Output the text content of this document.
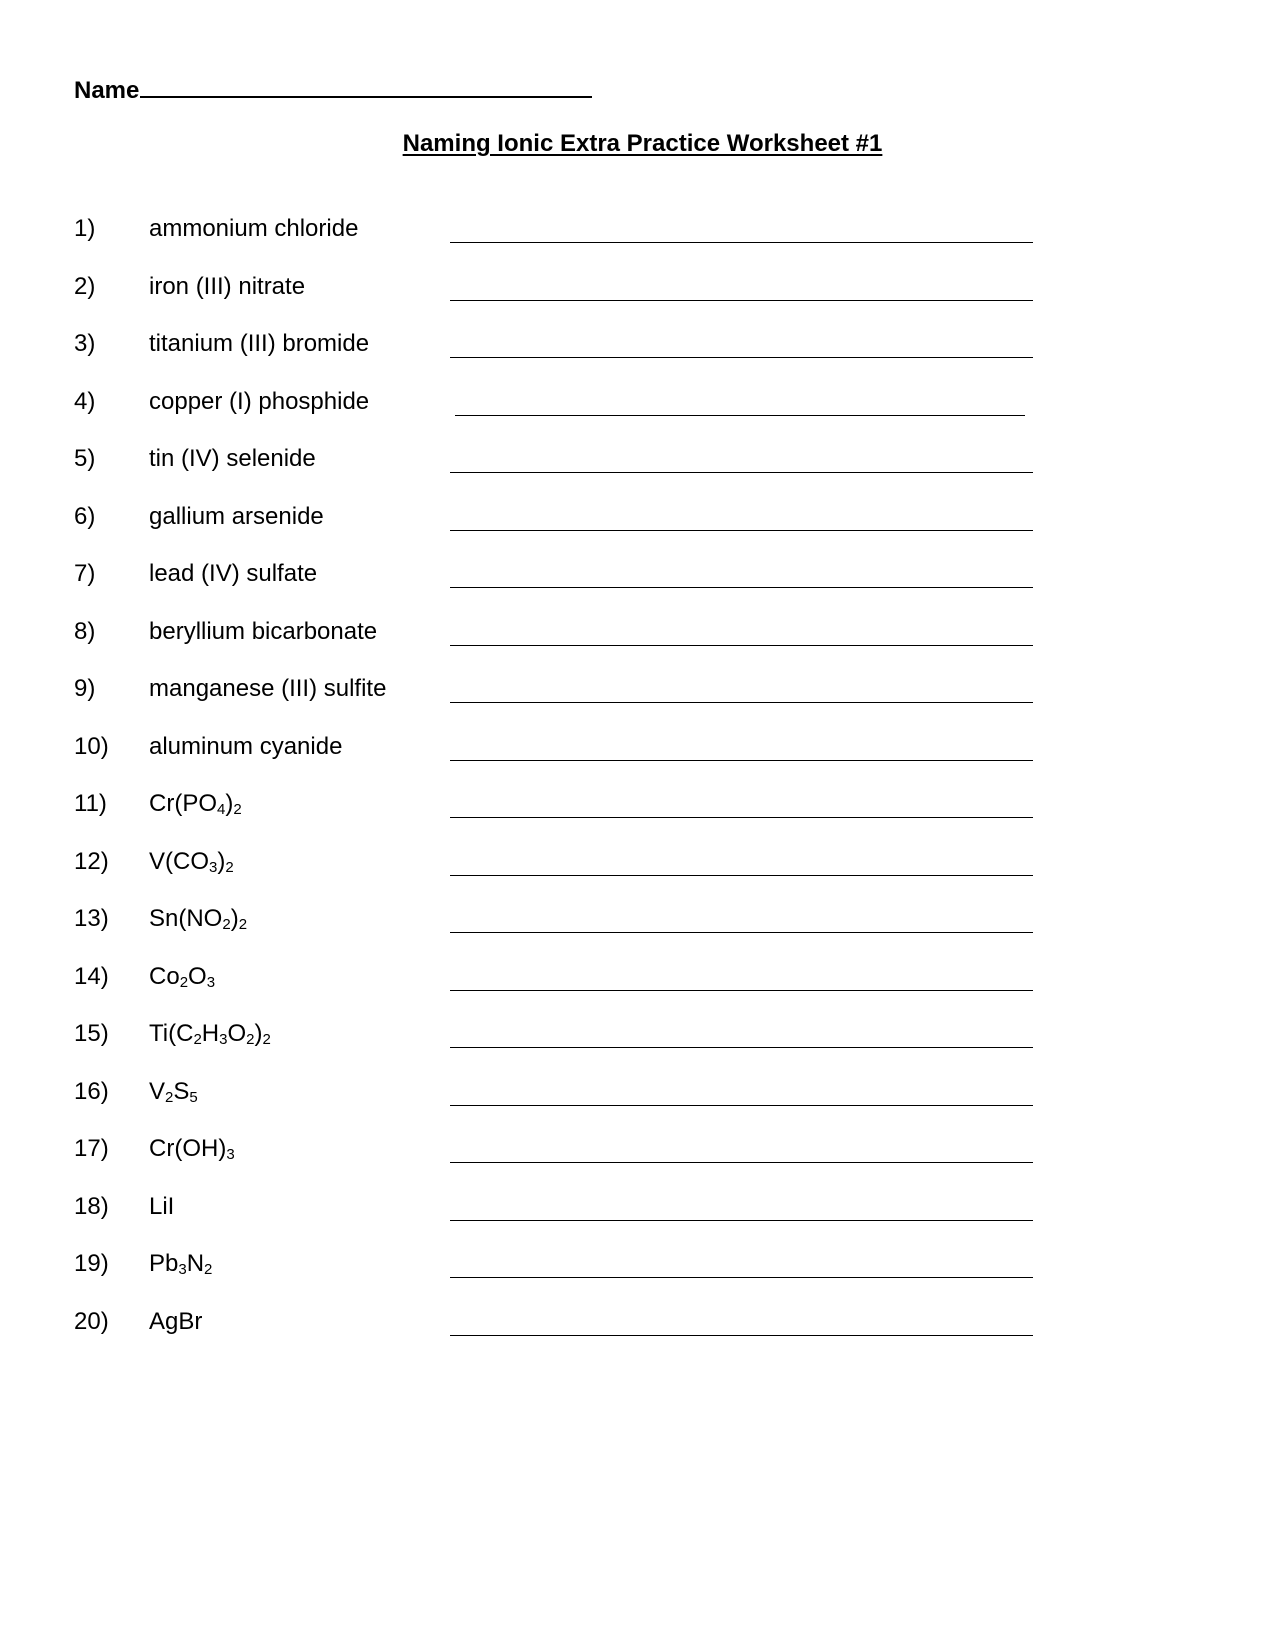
Name
Naming Ionic Extra Practice Worksheet #1
1) ammonium chloride
2) iron (III) nitrate
3) titanium (III) bromide
4) copper (I) phosphide
5) tin (IV) selenide
6) gallium arsenide
7) lead (IV) sulfate
8) beryllium bicarbonate
9) manganese (III) sulfite
10) aluminum cyanide
11) $Cr(PO_4)_2$
12) $V(CO_3)_2$
13) $Sn(NO_2)_2$
14) $Co_2O_3$
15) $Ti(C_2H_3O_2)_2$
16) $V_2S_5$
17) $Cr(OH)_3$
18) LiI
19) $Pb_3N_2$
20) AgBr
